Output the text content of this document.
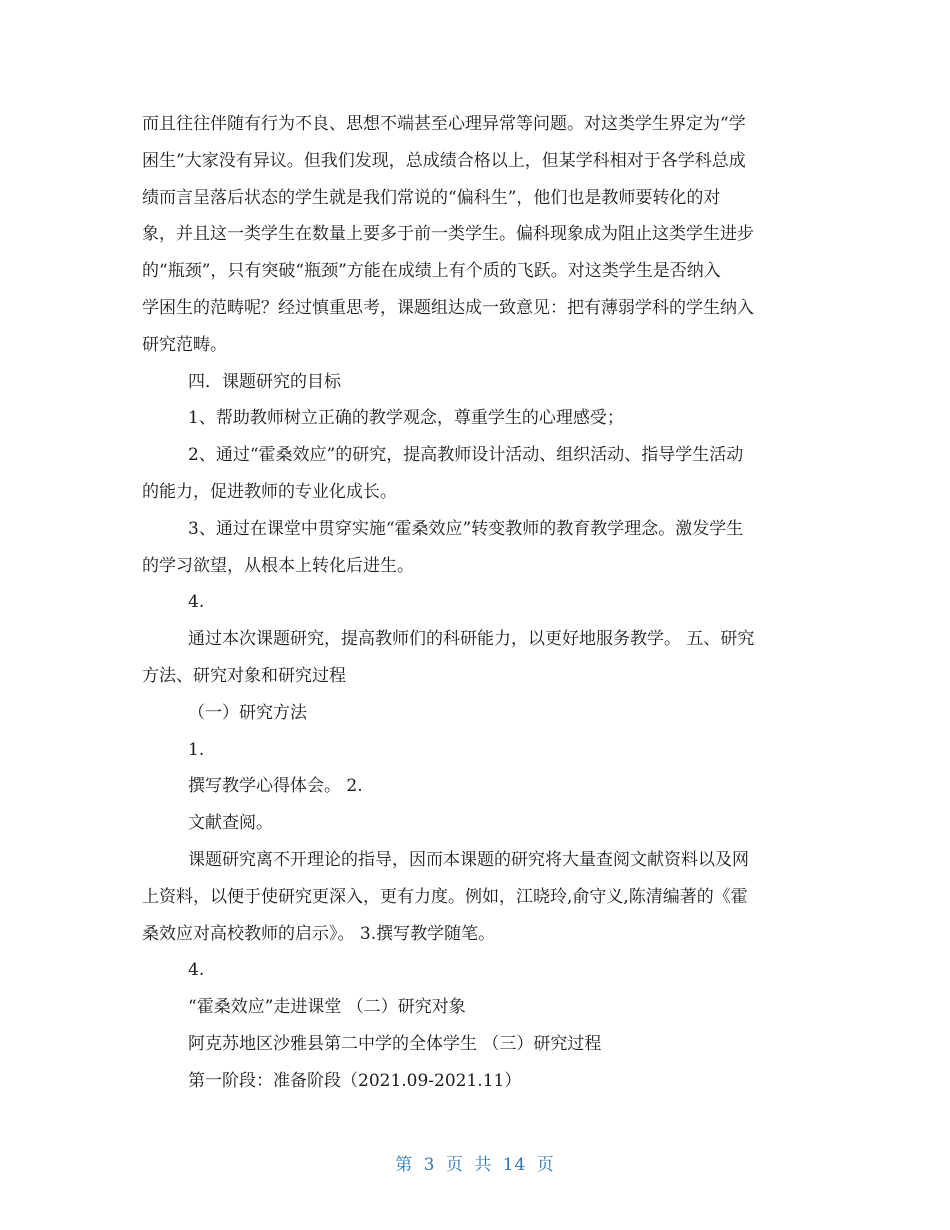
而且往往伴随有行为不良、思想不端甚至心理异常等问题。对这类学生界定为“学
困生”大家没有异议。但我们发现，总成绩合格以上，但某学科相对于各学科总成
绩而言呈落后状态的学生就是我们常说的“偏科生”，他们也是教师要转化的对
象，并且这一类学生在数量上要多于前一类学生。偏科现象成为阻止这类学生进步
的“瓶颈”，只有突破“瓶颈”方能在成绩上有个质的飞跃。对这类学生是否纳入
学困生的范畴呢？经过慎重思考，课题组达成一致意见：把有薄弱学科的学生纳入
研究范畴。
四．课题研究的目标
1、帮助教师树立正确的教学观念，尊重学生的心理感受；
2、通过“霍桑效应”的研究，提高教师设计活动、组织活动、指导学生活动
的能力，促进教师的专业化成长。
3、通过在课堂中贯穿实施“霍桑效应”转变教师的教育教学理念。激发学生
的学习欲望，从根本上转化后进生。
4.
通过本次课题研究，提高教师们的科研能力，以更好地服务教学。 五、研究
方法、研究对象和研究过程
（一）研究方法
1.
撰写教学心得体会。 2.
文献查阅。
课题研究离不开理论的指导，因而本课题的研究将大量查阅文献资料以及网
上资料，以便于使研究更深入，更有力度。例如，江晓玲,俞守义,陈清编著的《霍
桑效应对高校教师的启示》。 3.撰写教学随笔。
4.
“霍桑效应”走进课堂 （二）研究对象
阿克苏地区沙雅县第二中学的全体学生 （三）研究过程
第一阶段：准备阶段（2021.09-2021.11）
第 3 页 共 14 页
